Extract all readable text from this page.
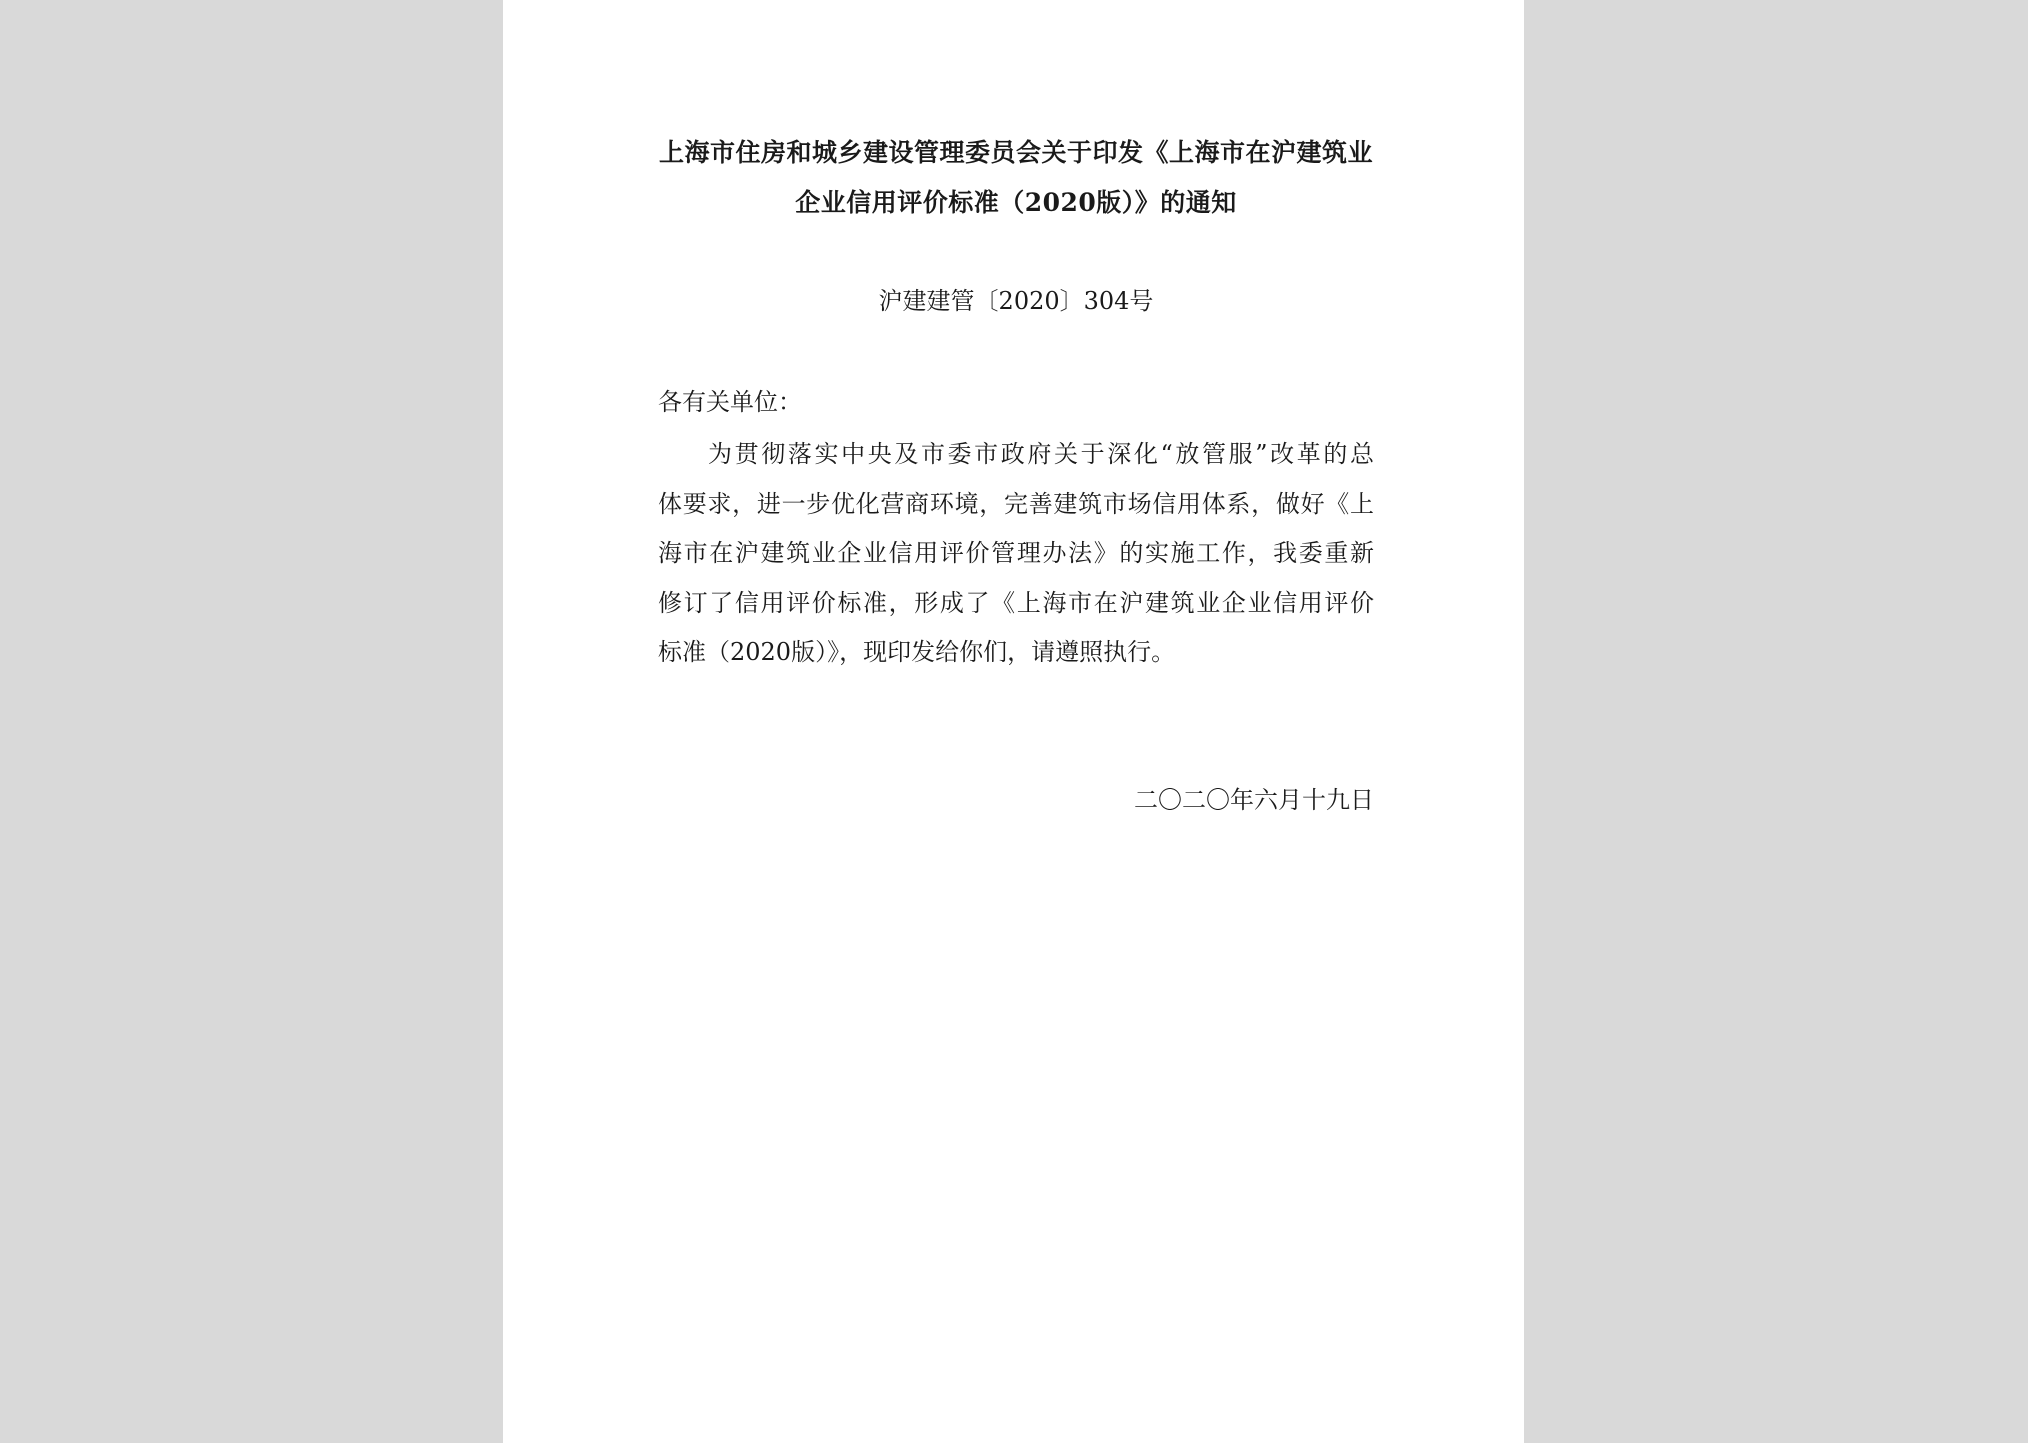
上海市住房和城乡建设管理委员会关于印发《上海市在沪建筑业
企业信用评价标准（2020版）》的通知
沪建建管〔2020〕304号
各有关单位：
为贯彻落实中央及市委市政府关于深化“放管服”改革的总
体要求，进一步优化营商环境，完善建筑市场信用体系，做好《上
海市在沪建筑业企业信用评价管理办法》的实施工作，我委重新
修订了信用评价标准，形成了《上海市在沪建筑业企业信用评价
标准（2020版）》，现印发给你们，请遵照执行。
二〇二〇年六月十九日
